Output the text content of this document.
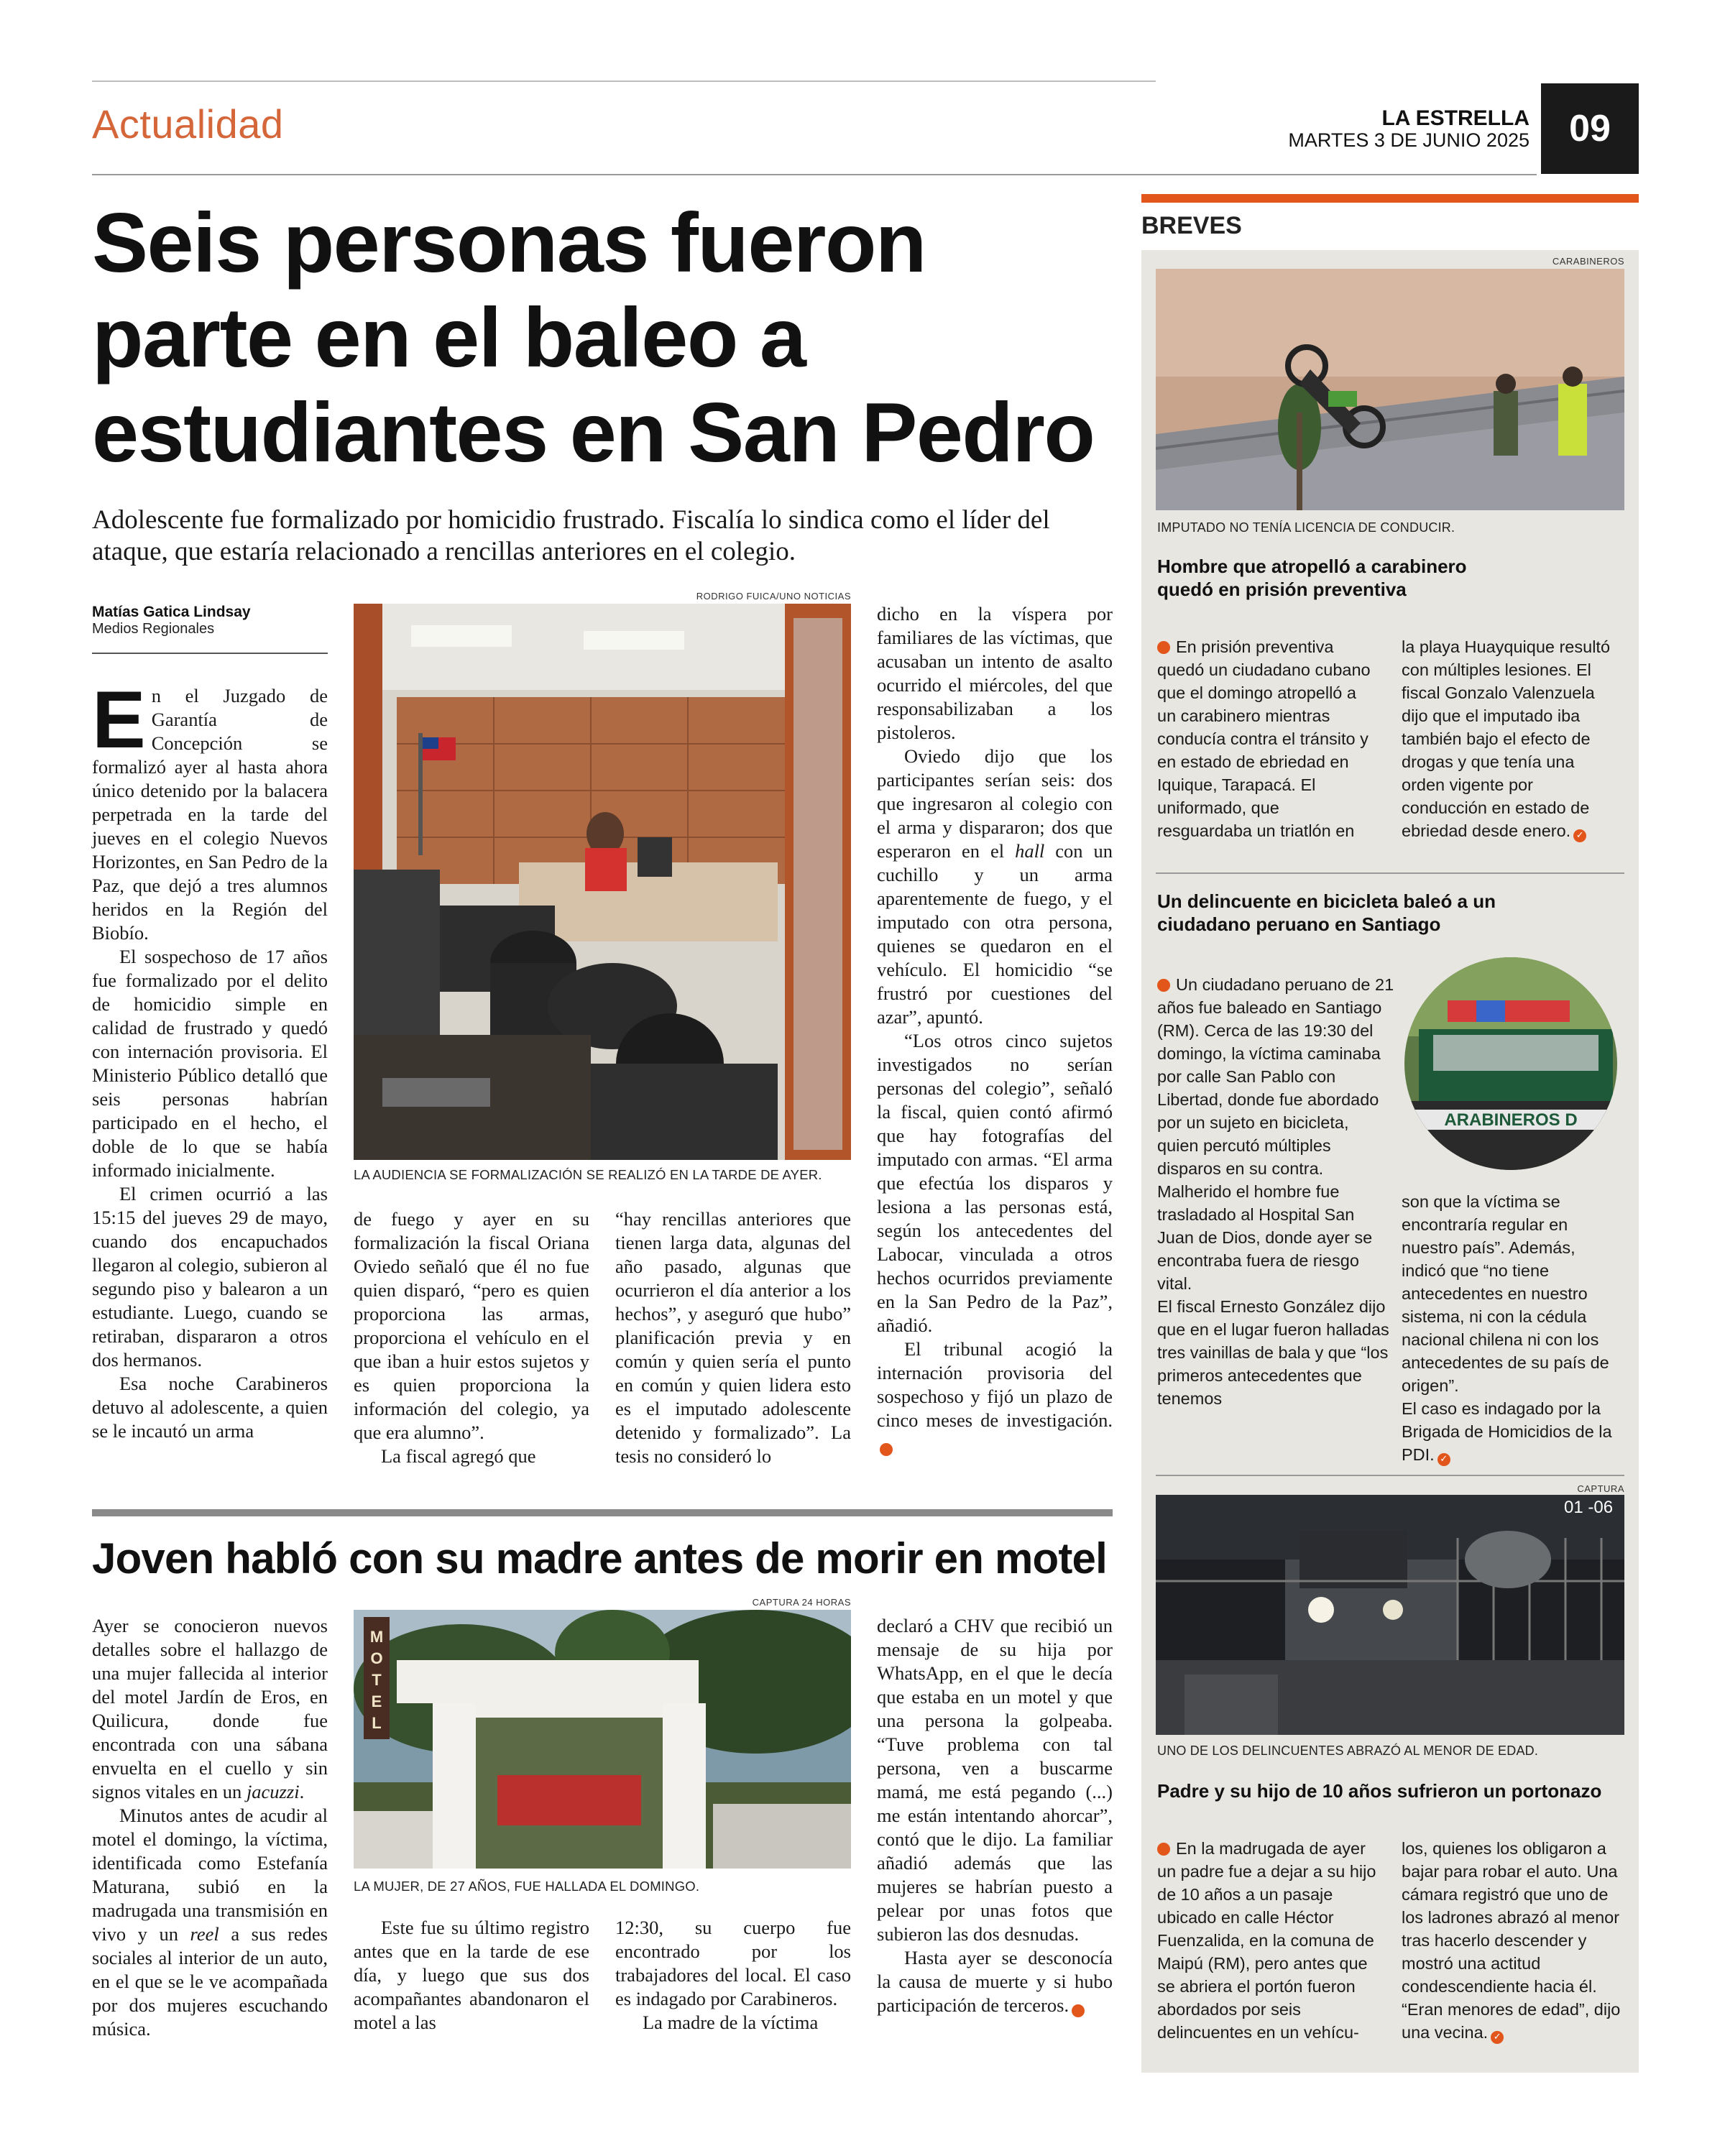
Actualidad	LA ESTRELLA
MARTES 3 DE JUNIO 2025	09
Seis personas fueron
parte en el baleo a
estudiantes en San Pedro
Adolescente fue formalizado por homicidio frustrado. Fiscalía lo sindica como el líder del ataque, que estaría relacionado a rencillas anteriores en el colegio.
Matías Gatica Lindsay
Medios Regionales
RODRIGO FUICA/UNO NOTICIAS
LA AUDIENCIA SE FORMALIZACIÓN SE REALIZÓ EN LA TARDE DE AYER.

En el Juzgado de Garantía de Concepción se formalizó ayer al hasta ahora único detenido por la balacera perpetrada en la tarde del jueves en el colegio Nuevos Horizontes, en San Pedro de la Paz, que dejó a tres alumnos heridos en la Región del Biobío.

El sospechoso de 17 años fue formalizado por el delito de homicidio simple en calidad de frustrado y quedó con internación provisoria. El Ministerio Público detalló que seis personas habrían participado en el hecho, el doble de lo que se había informado inicialmente.

El crimen ocurrió a las 15:15 del jueves 29 de mayo, cuando dos encapuchados llegaron al colegio, subieron al segundo piso y balearon a un estudiante. Luego, cuando se retiraban, dispararon a otros dos hermanos.

Esa noche Carabineros detuvo al adolescente, a quien se le incautó un arma

de fuego y ayer en su formalización la fiscal Oriana Oviedo señaló que él no fue quien disparó, “pero es quien proporciona las armas, proporciona el vehículo en el que iban a huir estos sujetos y es quien proporciona la información del colegio, ya que era alumno”.

La fiscal agregó que

“hay rencillas anteriores que tienen larga data, algunas del año pasado, algunas que ocurrieron el día anterior a los hechos”, y aseguró que hubo” planificación previa y en común y quien sería el punto en común y quien lidera esto es el imputado adolescente detenido y formalizado”. La tesis no consideró lo

dicho en la víspera por familiares de las víctimas, que acusaban un intento de asalto ocurrido el miércoles, del que responsabilizaban a los pistoleros.

Oviedo dijo que los participantes serían seis: dos que ingresaron al colegio con el arma y dispararon; dos que esperaron en el hall con un cuchillo y un arma aparentemente de fuego, y el imputado con otra persona, quienes se quedaron en el vehículo. El homicidio “se frustró por cuestiones del azar”, apuntó.

“Los otros cinco sujetos investigados no serían personas del colegio”, señaló la fiscal, quien contó afirmó que hay fotografías del imputado con armas. “El arma que efectúa los disparos y lesiona a las personas está, según los antecedentes del Labocar, vinculada a otros hechos ocurridos previamente en la San Pedro de la Paz”, añadió.

El tribunal acogió la internación provisoria del sospechoso y fijó un plazo de cinco meses de investigación.✓

Joven habló con su madre antes de morir en motel
CAPTURA 24 HORAS
M
O
T
E
L
LA MUJER, DE 27 AÑOS, FUE HALLADA EL DOMINGO.

Ayer se conocieron nuevos detalles sobre el hallazgo de una mujer fallecida al interior del motel Jardín de Eros, en Quilicura, donde fue encontrada con una sábana envuelta en el cuello y sin signos vitales en un jacuzzi.

Minutos antes de acudir al motel el domingo, la víctima, identificada como Estefanía Maturana, subió en la madrugada una transmisión en vivo y un reel a sus redes sociales al interior de un auto, en el que se le ve acompañada por dos mujeres escuchando música.

Este fue su último registro antes que en la tarde de ese día, y luego que sus dos acompañantes abandonaron el motel a las

12:30, su cuerpo fue encontrado por los trabajadores del local. El caso es indagado por Carabineros.

La madre de la víctima

declaró a CHV que recibió un mensaje de su hija por WhatsApp, en el que le decía que estaba en un motel y que una persona la golpeaba. “Tuve problema con tal persona, ven a buscarme mamá, me está pegando (...) me están intentando ahorcar”, contó que le dijo. La familiar añadió además que las mujeres se habrían puesto a pelear por unas fotos que subieron las dos desnudas.

Hasta ayer se desconocía la causa de muerte y si hubo participación de terceros.	✓

BREVES
CARABINEROS
IMPUTADO NO TENÍA LICENCIA DE CONDUCIR.
Hombre que atropelló a carabinero quedó en prisión preventiva

En prisión preventiva quedó un ciudadano cubano que el domingo atropelló a un carabinero mientras conducía contra el tránsito y en estado de ebriedad en Iquique, Tarapacá. El uniformado, que resguardaba un triatlón en

la playa Huayquique resultó con múltiples lesiones. El fiscal Gonzalo Valenzuela dijo que el imputado iba también bajo el efecto de drogas y que tenía una orden vigente por conducción en estado de ebriedad desde enero. ✓

Un delincuente en bicicleta baleó a un ciudadano peruano en Santiago
ARABINEROS D

Un ciudadano peruano de 21 años fue baleado en Santiago (RM). Cerca de las 19:30 del domingo, la víctima caminaba por calle San Pablo con Libertad, donde fue abordado por un sujeto en bicicleta, quien percutó múltiples disparos en su contra.

Malherido el hombre fue trasladado al Hospital San Juan de Dios, donde ayer se encontraba fuera de riesgo vital.

El fiscal Ernesto González dijo que en el lugar fueron halladas tres vainillas de bala y que “los primeros antecedentes que tenemos

son que la víctima se encontraría regular en nuestro país”. Además, indicó que “no tiene antecedentes en nuestro sistema, ni con la cédula nacional chilena ni con los antecedentes de su país de origen”.

El caso es indagado por la Brigada de Homicidios de la PDI. ✓

CAPTURA
01 -06
UNO DE LOS DELINCUENTES ABRAZÓ AL MENOR DE EDAD.
Padre y su hijo de 10 años sufrieron un portonazo

En la madrugada de ayer un padre fue a dejar a su hijo de 10 años a un pasaje ubicado en calle Héctor Fuenzalida, en la comuna de Maipú (RM), pero antes que se abriera el portón fueron abordados por seis delincuentes en un vehícu-

los, quienes los obligaron a bajar para robar el auto. Una cámara registró que uno de los ladrones abrazó al menor tras hacerlo descender y mostró una actitud condescendiente hacia él. “Eran menores de edad”, dijo una vecina. ✓
